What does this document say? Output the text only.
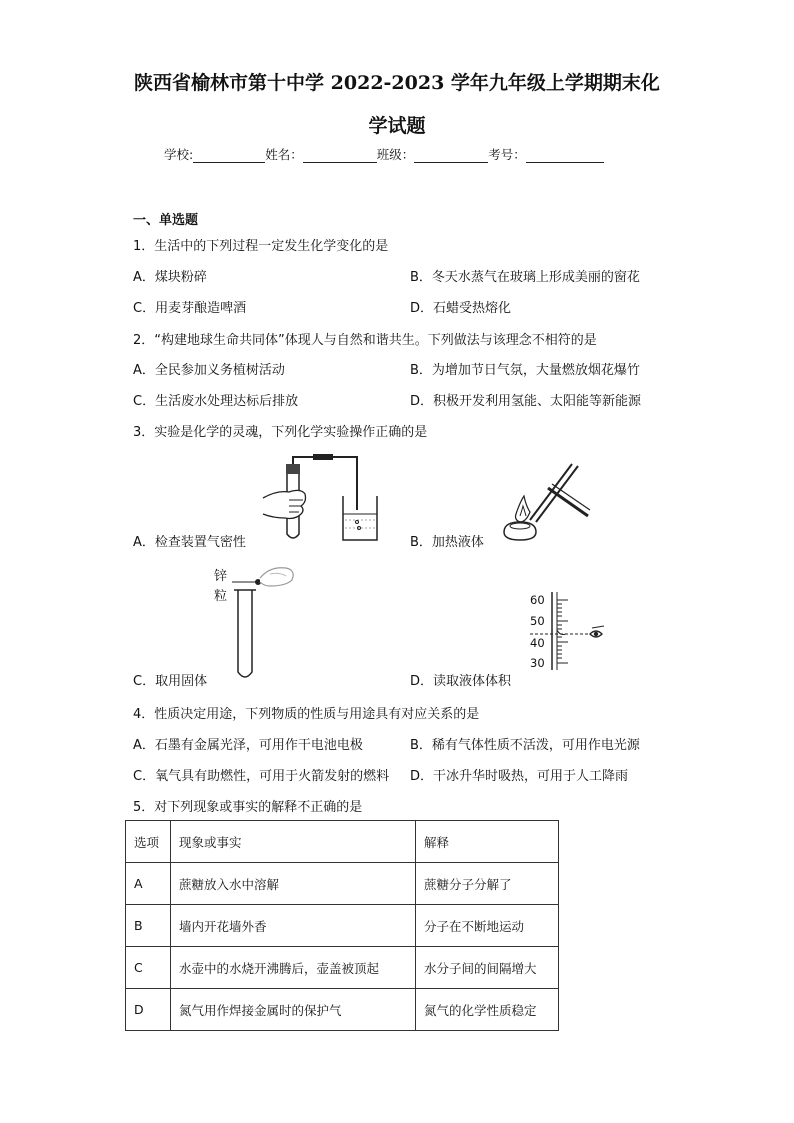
陕西省榆林市第十中学 2022-2023 学年九年级上学期期末化
学试题
学校:	姓名：	班级：	考号：
一、单选题
1．生活中的下列过程一定发生化学变化的是
A．煤块粉碎	B．冬天水蒸气在玻璃上形成美丽的窗花
C．用麦芽酿造啤酒	D．石蜡受热熔化
2．“构建地球生命共同体”体现人与自然和谐共生。下列做法与该理念不相符的是
A．全民参加义务植树活动	B．为增加节日气氛，大量燃放烟花爆竹
C．生活废水处理达标后排放	D．积极开发利用氢能、太阳能等新能源
3．实验是化学的灵魂，下列化学实验操作正确的是
A．检查装置气密性	B．加热液体
锌
粒
C．取用固体
60
50
40
30
D．读取液体体积
4．性质决定用途，下列物质的性质与用途具有对应关系的是
A．石墨有金属光泽，可用作干电池电极	B．稀有气体性质不活泼，可用作电光源
C．氧气具有助燃性，可用于火箭发射的燃料 D．干冰升华时吸热，可用于人工降雨
5．对下列现象或事实的解释不正确的是
选项	现象或事实	解释
A	蔗糖放入水中溶解	蔗糖分子分解了
B	墙内开花墙外香	分子在不断地运动
C	水壶中的水烧开沸腾后，壶盖被顶起	水分子间的间隔增大
D	氮气用作焊接金属时的保护气	氮气的化学性质稳定
